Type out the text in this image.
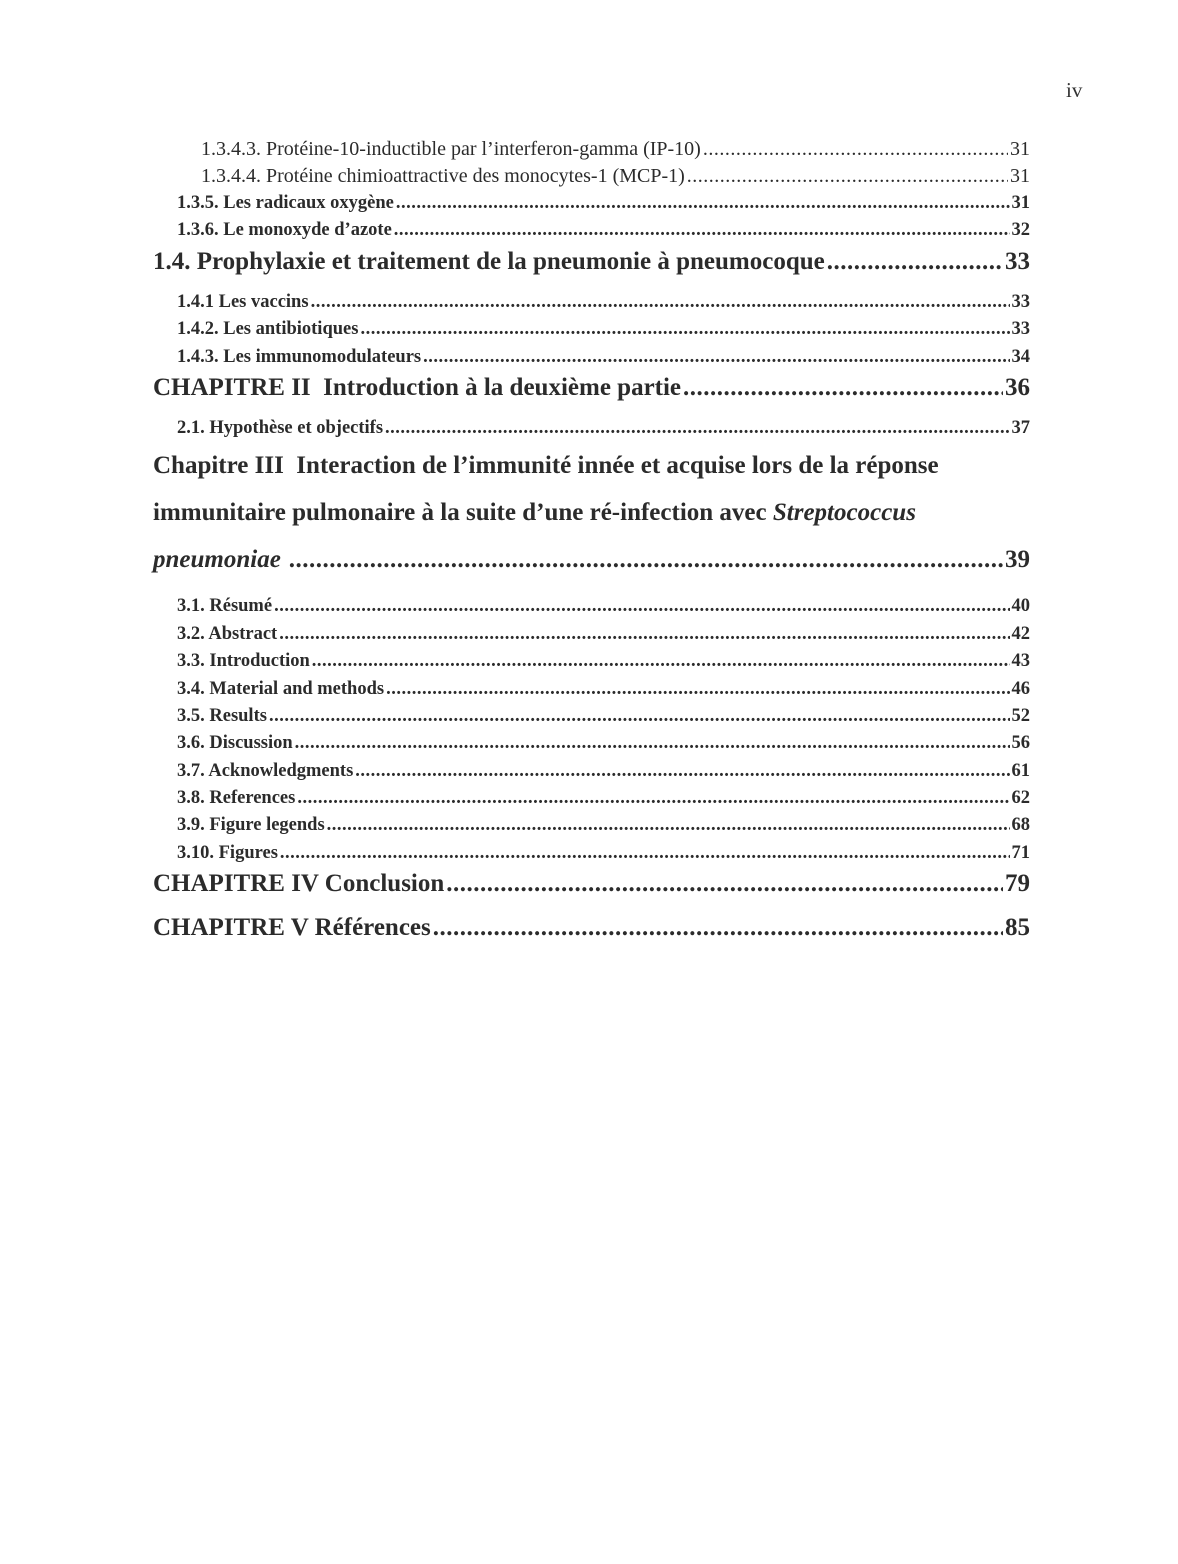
iv
1.3.4.3. Protéine-10-inductible par l’interferon-gamma (IP-10) .....	31
1.3.4.4. Protéine chimioattractive des monocytes-1 (MCP-1) .....	31
1.3.5. Les radicaux oxygène .....	31
1.3.6. Le monoxyde d’azote .....	32
1.4. Prophylaxie et traitement de la pneumonie à pneumocoque .....	33
1.4.1 Les vaccins .....	33
1.4.2. Les antibiotiques .....	33
1.4.3. Les immunomodulateurs .....	34
CHAPITRE II  Introduction à la deuxième partie .....	36
2.1. Hypothèse et objectifs .....	37
Chapitre III  Interaction de l’immunité innée et acquise lors de la réponse
immunitaire pulmonaire à la suite d’une ré-infection avec Streptococcus
pneumoniae .....	39
3.1. Résumé .....	40
3.2. Abstract .....	42
3.3. Introduction .....	43
3.4. Material and methods .....	46
3.5. Results .....	52
3.6. Discussion .....	56
3.7. Acknowledgments .....	61
3.8. References .....	62
3.9. Figure legends .....	68
3.10. Figures .....	71
CHAPITRE IV Conclusion .....	79
CHAPITRE V Références .....	85
